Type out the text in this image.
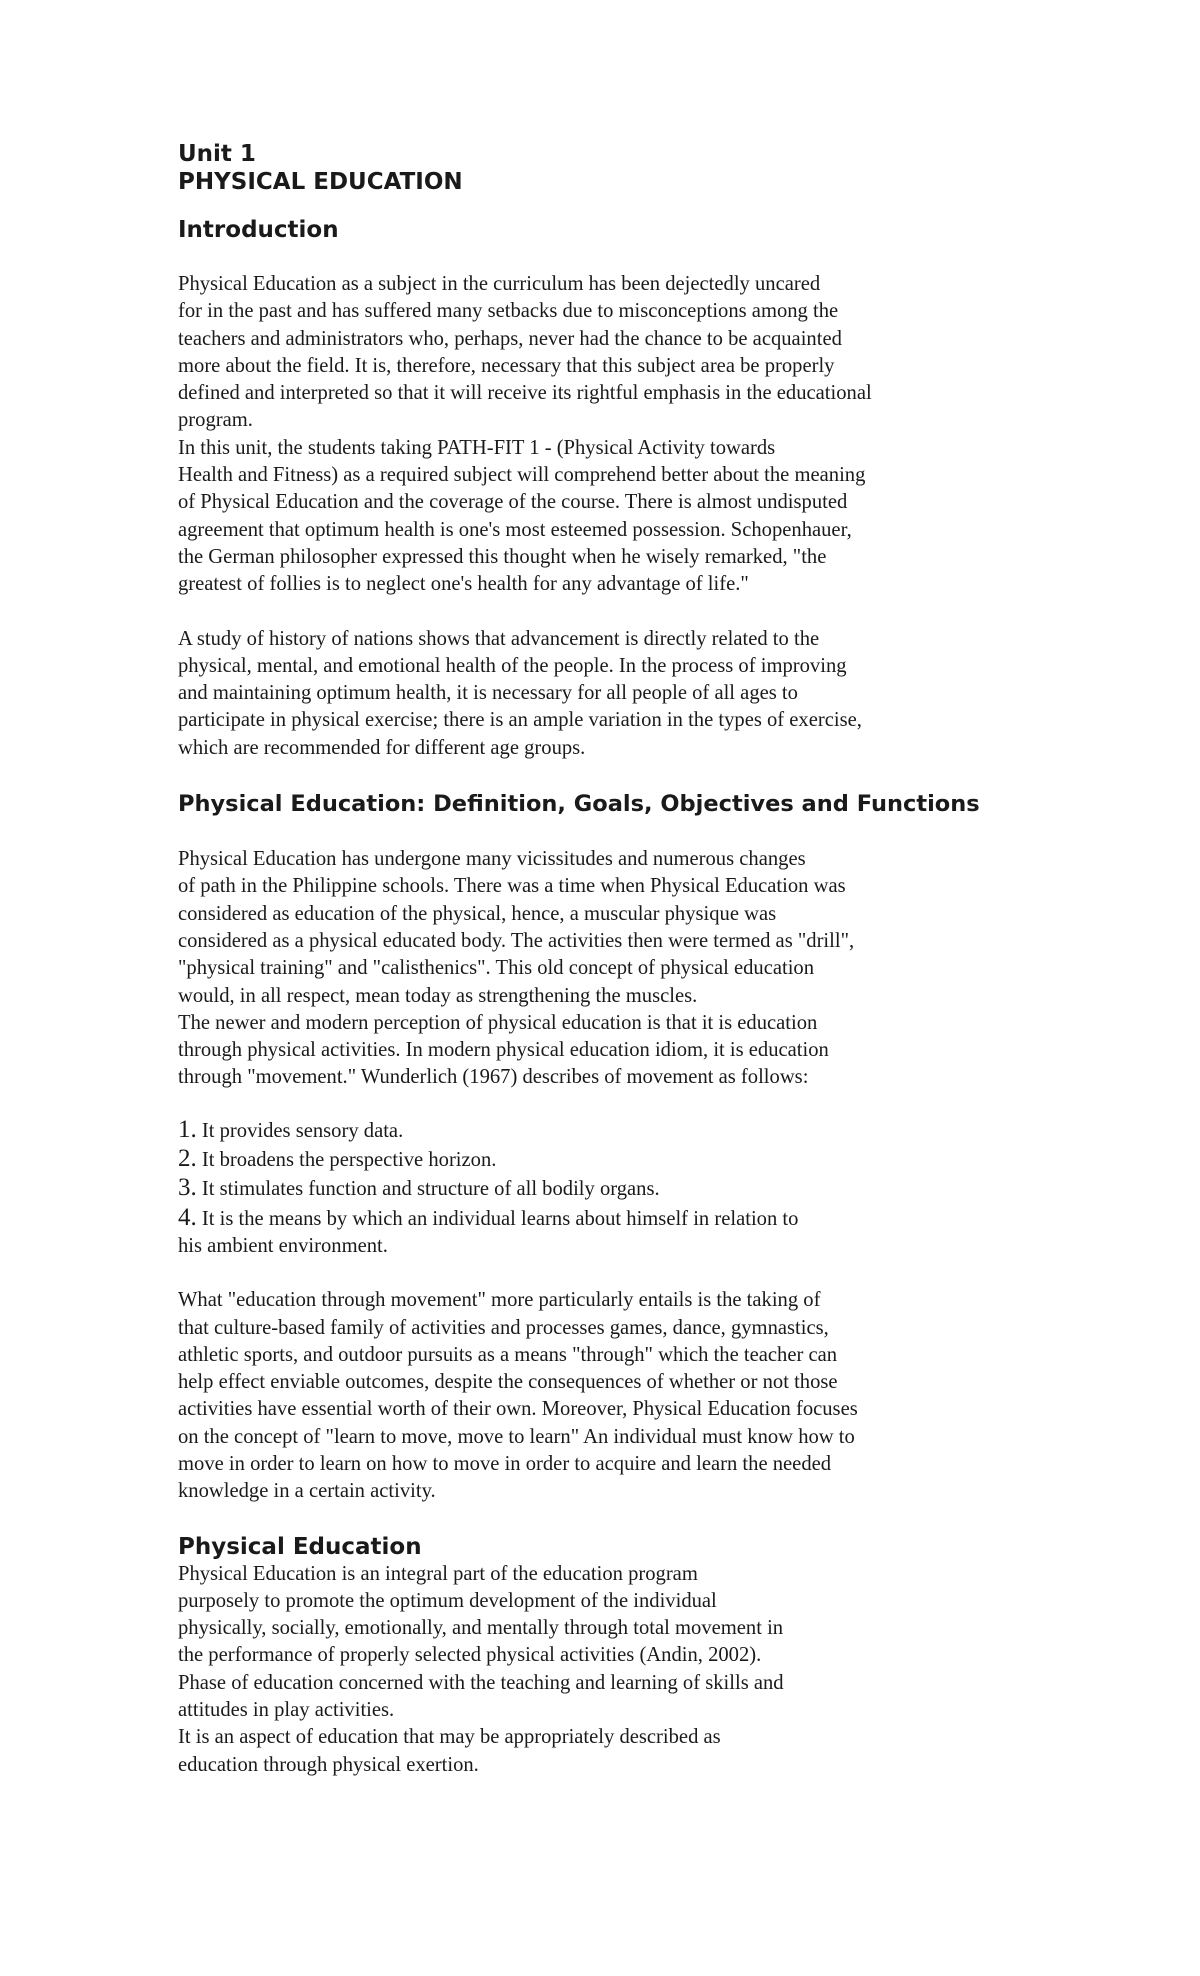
Unit 1
PHYSICAL EDUCATION
Introduction

Physical Education as a subject in the curriculum has been dejectedly uncared
for in the past and has suffered many setbacks due to misconceptions among the
teachers and administrators who, perhaps, never had the chance to be acquainted
more about the field. It is, therefore, necessary that this subject area be properly
defined and interpreted so that it will receive its rightful emphasis in the educational
program.
In this unit, the students taking PATH-FIT 1 - (Physical Activity towards
Health and Fitness) as a required subject will comprehend better about the meaning
of Physical Education and the coverage of the course. There is almost undisputed
agreement that optimum health is one's most esteemed possession. Schopenhauer,
the German philosopher expressed this thought when he wisely remarked, "the
greatest of follies is to neglect one's health for any advantage of life."

A study of history of nations shows that advancement is directly related to the
physical, mental, and emotional health of the people. In the process of improving
and maintaining optimum health, it is necessary for all people of all ages to
participate in physical exercise; there is an ample variation in the types of exercise,
which are recommended for different age groups.

Physical Education: Definition, Goals, Objectives and Functions

Physical Education has undergone many vicissitudes and numerous changes
of path in the Philippine schools. There was a time when Physical Education was
considered as education of the physical, hence, a muscular physique was
considered as a physical educated body. The activities then were termed as "drill",
"physical training" and "calisthenics". This old concept of physical education
would, in all respect, mean today as strengthening the muscles.
The newer and modern perception of physical education is that it is education
through physical activities. In modern physical education idiom, it is education
through "movement." Wunderlich (1967) describes of movement as follows:

1. It provides sensory data.
2. It broadens the perspective horizon.
3. It stimulates function and structure of all bodily organs.
4. It is the means by which an individual learns about himself in relation to
his ambient environment.

What "education through movement" more particularly entails is the taking of
that culture-based family of activities and processes games, dance, gymnastics,
athletic sports, and outdoor pursuits as a means "through" which the teacher can
help effect enviable outcomes, despite the consequences of whether or not those
activities have essential worth of their own. Moreover, Physical Education focuses
on the concept of "learn to move, move to learn" An individual must know how to
move in order to learn on how to move in order to acquire and learn the needed
knowledge in a certain activity.

Physical Education

Physical Education is an integral part of the education program
purposely to promote the optimum development of the individual
physically, socially, emotionally, and mentally through total movement in
the performance of properly selected physical activities (Andin, 2002).
Phase of education concerned with the teaching and learning of skills and
attitudes in play activities.
It is an aspect of education that may be appropriately described as
education through physical exertion.
